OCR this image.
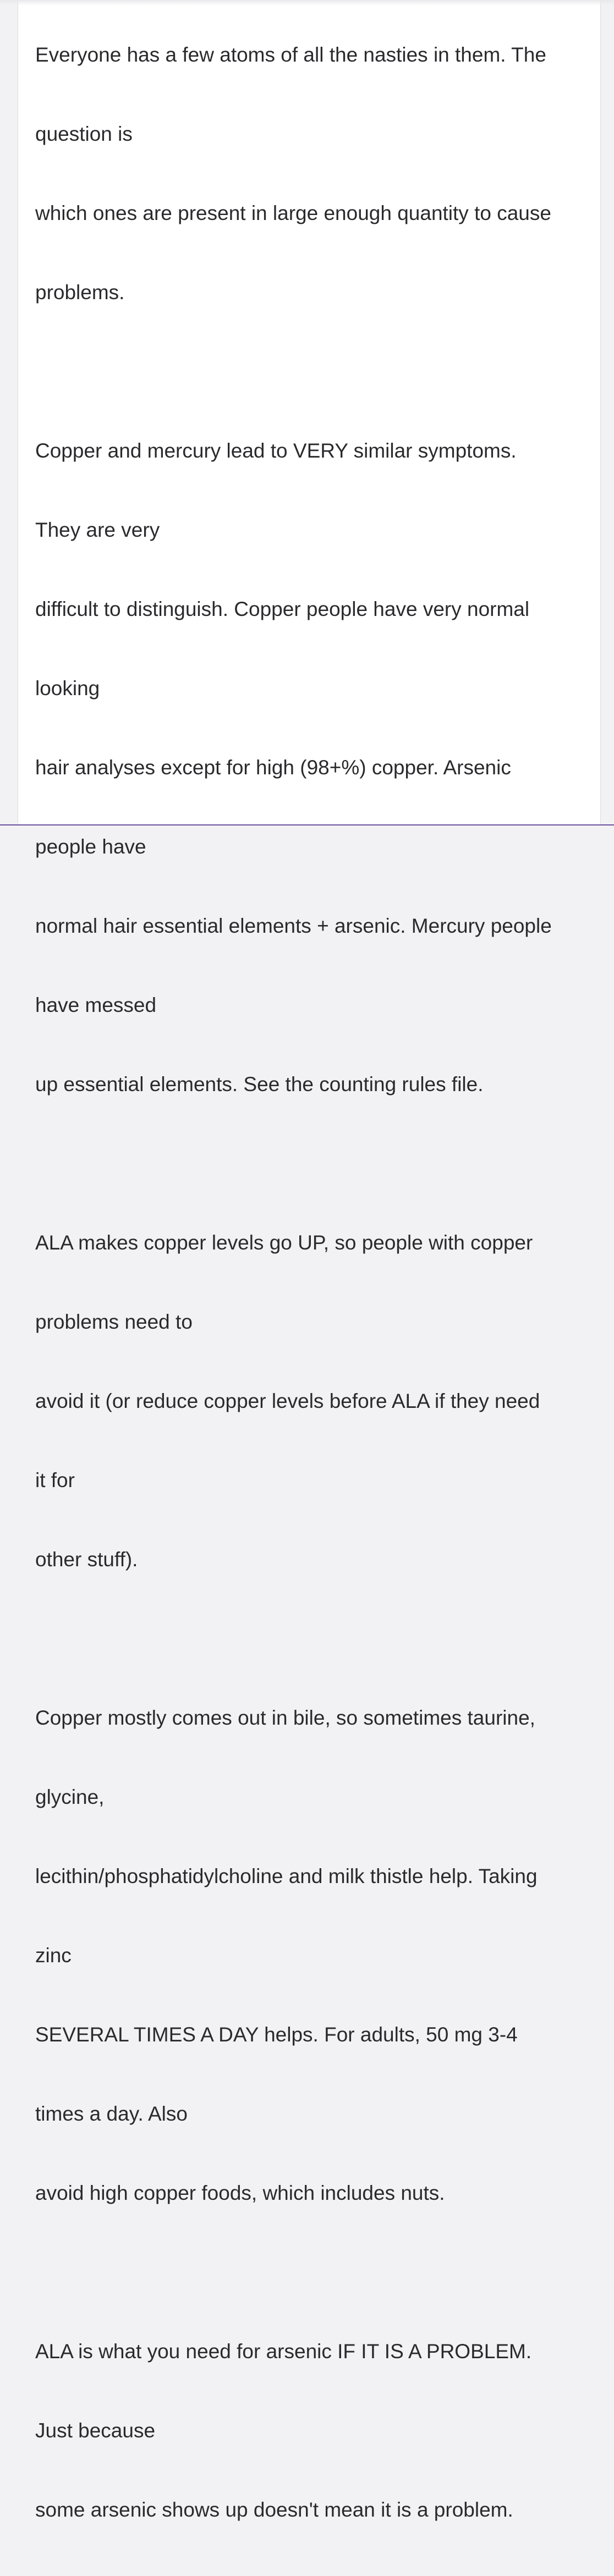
Everyone has a few atoms of all the nasties in them. The

question is

which ones are present in large enough quantity to cause

problems.

Copper and mercury lead to VERY similar symptoms.

They are very

difficult to distinguish. Copper people have very normal

looking

hair analyses except for high (98+%) copper. Arsenic

people have

normal hair essential elements + arsenic. Mercury people

have messed

up essential elements. See the counting rules file.

ALA makes copper levels go UP, so people with copper

problems need to

avoid it (or reduce copper levels before ALA if they need

it for

other stuff).

Copper mostly comes out in bile, so sometimes taurine,

glycine,

lecithin/phosphatidylcholine and milk thistle help. Taking

zinc

SEVERAL TIMES A DAY helps. For adults, 50 mg 3-4

times a day. Also

avoid high copper foods, which includes nuts.

ALA is what you need for arsenic IF IT IS A PROBLEM.

Just because

some arsenic shows up doesn't mean it is a problem.
